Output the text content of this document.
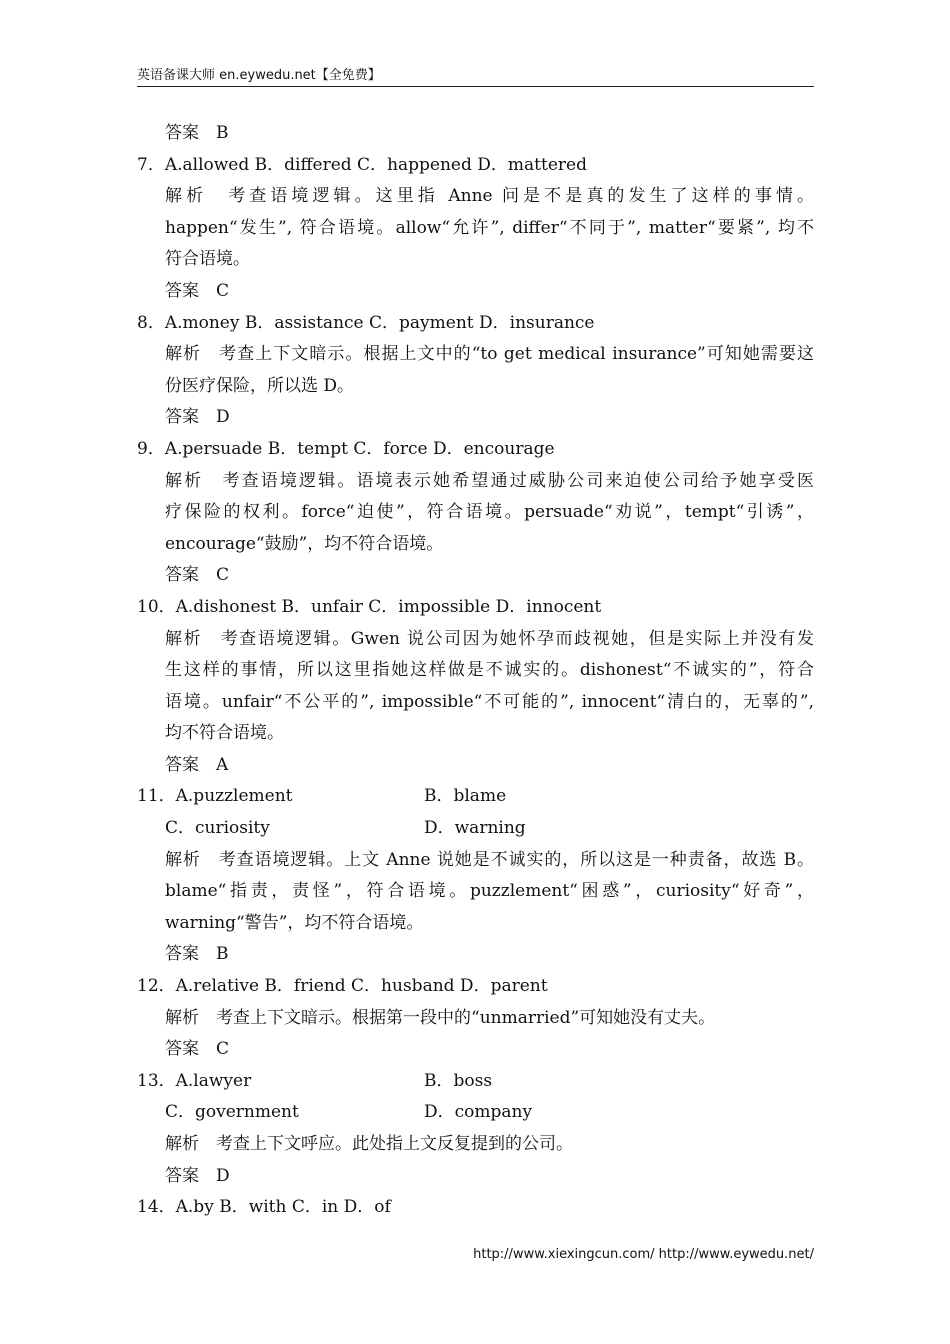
英语备课大师 en.eywedu.net【全免费】
答案　B
7．A.allowed B．differed C．happened D．mattered
解析　考查语境逻辑。这里指 Anne 问是不是真的发生了这样的事情。
happen“发生”, 符合语境。allow“允许”, differ“不同于”, matter“要紧”, 均不
符合语境。
答案　C
8．A.money B．assistance C．payment D．insurance
解析　考查上下文暗示。根据上文中的“to get medical insurance”可知她需要这
份医疗保险，所以选 D。
答案　D
9．A.persuade B．tempt C．force D．encourage
解析　考查语境逻辑。语境表示她希望通过威胁公司来迫使公司给予她享受医
疗保险的权利。force“迫使”，符合语境。persuade“劝说”，tempt“引诱”，
encourage“鼓励”，均不符合语境。
答案　C
10．A.dishonest B．unfair C．impossible D．innocent
解析　考查语境逻辑。Gwen 说公司因为她怀孕而歧视她，但是实际上并没有发
生这样的事情，所以这里指她这样做是不诚实的。dishonest“不诚实的”，符合
语境。unfair“不公平的”, impossible“不可能的”, innocent“清白的，无辜的”,
均不符合语境。
答案　A
11．A.puzzlement	B．blame
C．curiosity	D．warning
解析　考查语境逻辑。上文 Anne 说她是不诚实的，所以这是一种责备，故选 B。
blame“指责，责怪”，符合语境。puzzlement“困惑”，curiosity“好奇”，
warning“警告”，均不符合语境。
答案　B
12．A.relative B．friend C．husband D．parent
解析　考查上下文暗示。根据第一段中的“unmarried”可知她没有丈夫。
答案　C
13．A.lawyer	B．boss
C．government	D．company
解析　考查上下文呼应。此处指上文反复提到的公司。
答案　D
14．A.by B．with C．in D．of
http://www.xiexingcun.com/ http://www.eywedu.net/
